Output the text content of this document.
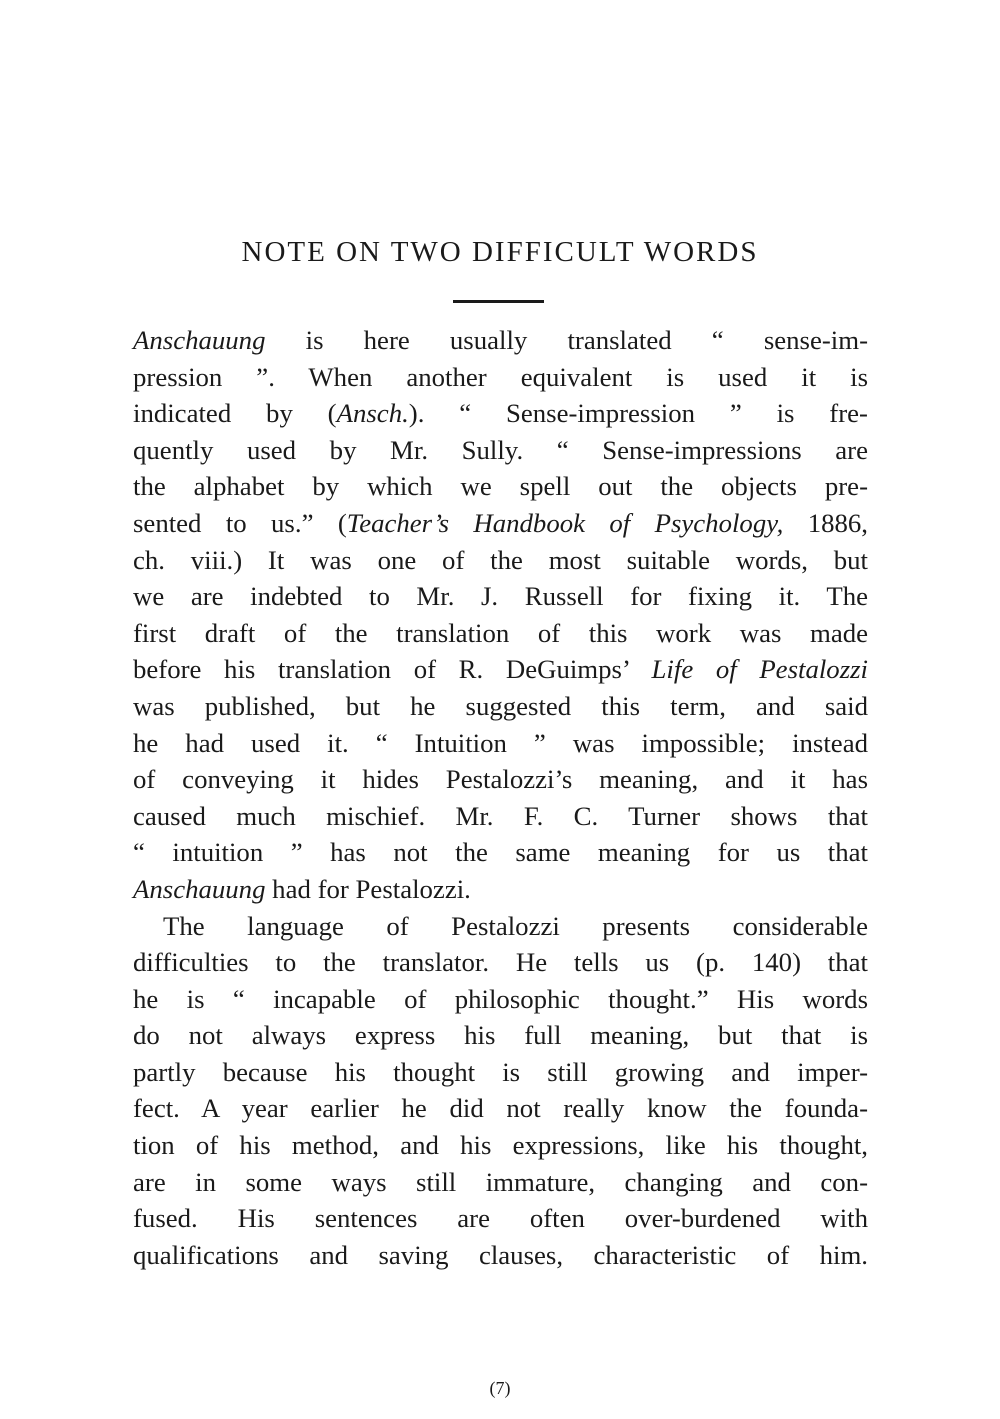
NOTE ON TWO DIFFICULT WORDS

Anschauung is here usually translated “ sense-im-
pression ”. When another equivalent is used it is
indicated by (Ansch.). “ Sense-impression ” is fre-
quently used by Mr. Sully. “ Sense-impressions are
the alphabet by which we spell out the objects pre-
sented to us.” (Teacher’s Handbook of Psychology, 1886,
ch. viii.) It was one of the most suitable words, but
we are indebted to Mr. J. Russell for fixing it. The
first draft of the translation of this work was made
before his translation of R. DeGuimps’ Life of Pestalozzi
was published, but he suggested this term, and said
he had used it. “ Intuition ” was impossible; instead
of conveying it hides Pestalozzi’s meaning, and it has
caused much mischief. Mr. F. C. Turner shows that
“ intuition ” has not the same meaning for us that
Anschauung had for Pestalozzi.

The language of Pestalozzi presents considerable
difficulties to the translator. He tells us (p. 140) that
he is “ incapable of philosophic thought.” His words
do not always express his full meaning, but that is
partly because his thought is still growing and imper-
fect. A year earlier he did not really know the founda-
tion of his method, and his expressions, like his thought,
are in some ways still immature, changing and con-
fused. His sentences are often over-burdened with
qualifications and saving clauses, characteristic of him.

(7)
